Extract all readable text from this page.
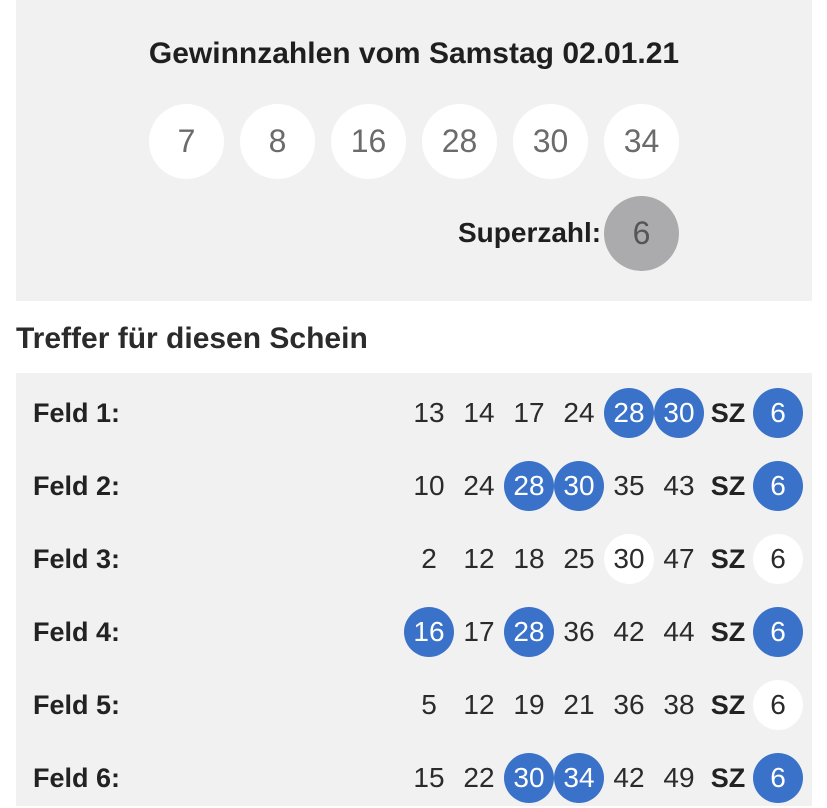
Gewinnzahlen vom Samstag 02.01.21
7	8	16	28	30	34
Superzahl: 6
Treffer für diesen Schein
Feld 1:	13 14 17 24 28 30 SZ 6
Feld 2:	10 24 28 30 35 43 SZ 6
Feld 3:	2 12 18 25 30 47 SZ 6
Feld 4:	16 17 28 36 42 44 SZ 6
Feld 5:	5 12 19 21 36 38 SZ 6
Feld 6:	15 22 30 34 42 49 SZ 6
